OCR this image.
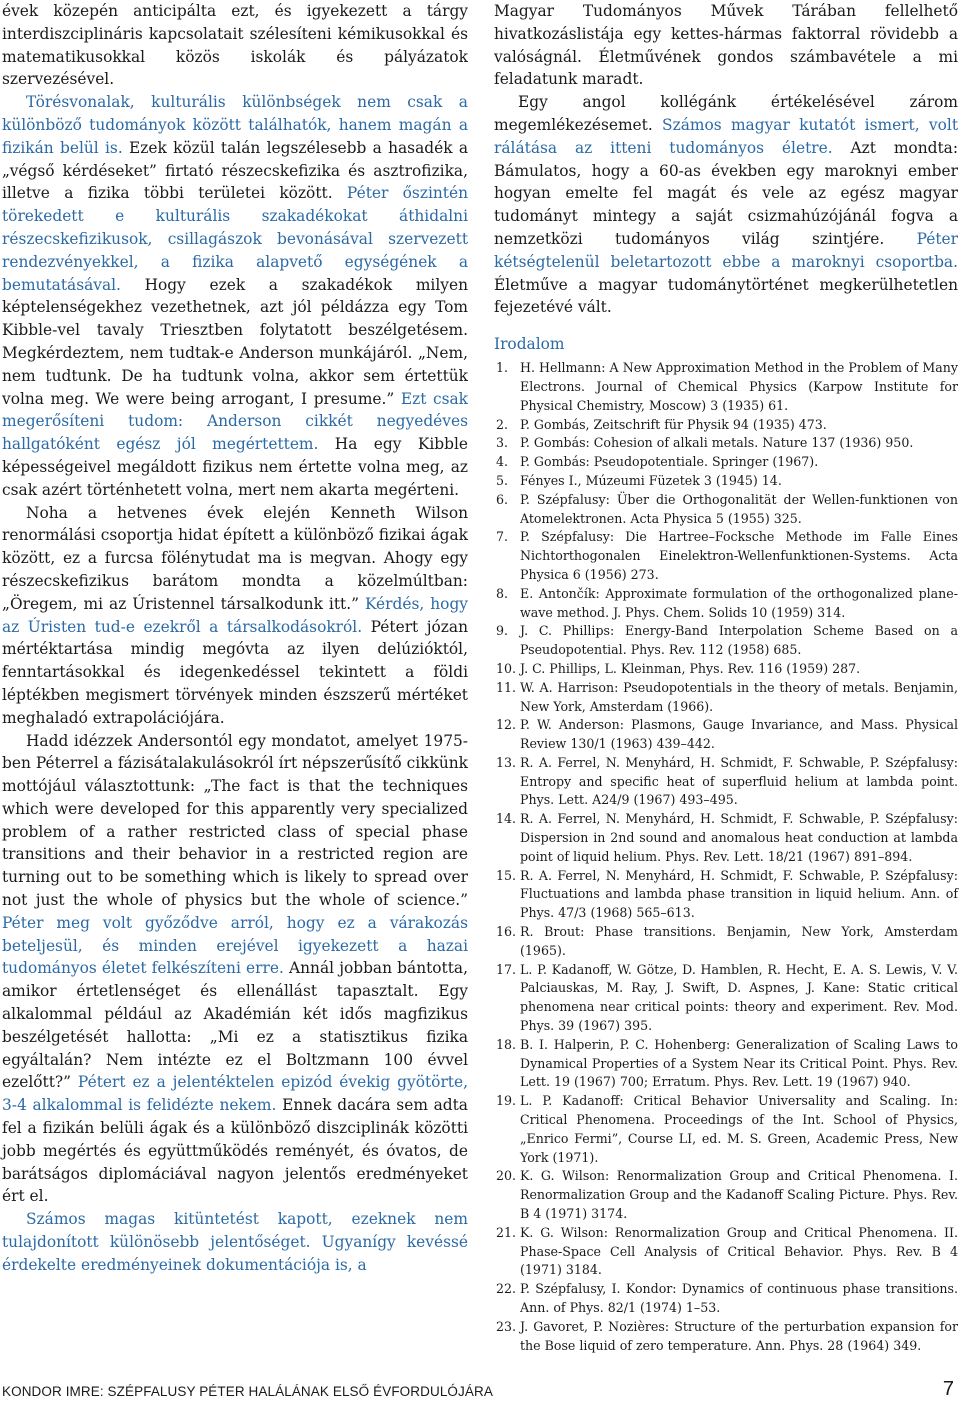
évek közepén anticipálta ezt, és igyekezett a tárgy interdiszciplináris kapcsolatait szélesíteni kémikusokkal és matematikusokkal közös iskolák és pályázatok szervezésével.

Törésvonalak, kulturális különbségek nem csak a különböző tudományok között találhatók, hanem magán a fizikán belül is. Ezek közül talán legszélesebb a hasadék a „végső kérdéseket” firtató részecskefizika és asztrofizika, illetve a fizika többi területei között. Péter őszintén törekedett e kulturális szakadékokat áthidalni részecskefizikusok, csillagászok bevonásával szervezett rendezvényekkel, a fizika alapvető egységének a bemutatásával. Hogy ezek a szakadékok milyen képtelenségekhez vezethetnek, azt jól példázza egy Tom Kibble-vel tavaly Triesztben folytatott beszélgetésem. Megkérdeztem, nem tudtak-e Anderson munkájáról. „Nem, nem tudtunk. De ha tudtunk volna, akkor sem értettük volna meg. We were being arrogant, I presume.” Ezt csak megerősíteni tudom: Anderson cikkét negyedéves hallgatóként egész jól megértettem. Ha egy Kibble képességeivel megáldott fizikus nem értette volna meg, az csak azért történhetett volna, mert nem akarta megérteni.

Noha a hetvenes évek elején Kenneth Wilson renormálási csoportja hidat épített a különböző fizikai ágak között, ez a furcsa fölénytudat ma is megvan. Ahogy egy részecskefizikus barátom mondta a közelmúltban: „Öregem, mi az Úristennel társalkodunk itt.” Kérdés, hogy az Úristen tud-e ezekről a társalkodásokról. Pétert józan mértéktartása mindig megóvta az ilyen delúzióktól, fenntartásokkal és idegenkedéssel tekintett a földi léptékben megismert törvények minden észszerű mértéket meghaladó extrapolációjára.

Hadd idézzek Andersontól egy mondatot, amelyet 1975-ben Péterrel a fázisátalakulásokról írt népszerűsítő cikkünk mottójául választottunk: „The fact is that the techniques which were developed for this apparently very specialized problem of a rather restricted class of special phase transitions and their behavior in a restricted region are turning out to be something which is likely to spread over not just the whole of physics but the whole of science.” Péter meg volt győződve arról, hogy ez a várakozás beteljesül, és minden erejével igyekezett a hazai tudományos életet felkészíteni erre. Annál jobban bántotta, amikor értetlenséget és ellenállást tapasztalt. Egy alkalommal például az Akadémián két idős magfizikus beszélgetését hallotta: „Mi ez a statisztikus fizika egyáltalán? Nem intézte ez el Boltzmann 100 évvel ezelőtt?” Pétert ez a jelentéktelen epizód évekig gyötörte, 3-4 alkalommal is felidézte nekem. Ennek dacára sem adta fel a fizikán belüli ágak és a különböző diszciplinák közötti jobb megértés és együttműködés reményét, és óvatos, de barátságos diplomáciával nagyon jelentős eredményeket ért el.

Számos magas kitüntetést kapott, ezeknek nem tulajdonított különösebb jelentőséget. Ugyanígy kevéssé érdekelte eredményeinek dokumentációja is, a

Magyar Tudományos Művek Tárában fellelhető hivatkozáslistája egy kettes-hármas faktorral rövidebb a valóságnál. Életművének gondos számbavétele a mi feladatunk maradt.

Egy angol kollégánk értékelésével zárom megemlékezésemet. Számos magyar kutatót ismert, volt rálátása az itteni tudományos életre. Azt mondta: Bámulatos, hogy a 60-as években egy maroknyi ember hogyan emelte fel magát és vele az egész magyar tudományt mintegy a saját csizmahúzójánál fogva a nemzetközi tudományos világ szintjére. Péter kétségtelenül beletartozott ebbe a maroknyi csoportba. Életműve a magyar tudománytörténet megkerülhetetlen fejezetévé vált.

Irodalom
1. H. Hellmann: A New Approximation Method in the Problem of Many Electrons. Journal of Chemical Physics (Karpow Institute for Physical Chemistry, Moscow) 3 (1935) 61.
2. P. Gombás, Zeitschrift für Physik 94 (1935) 473.
3. P. Gombás: Cohesion of alkali metals. Nature 137 (1936) 950.
4. P. Gombás: Pseudopotentiale. Springer (1967).
5. Fényes I., Múzeumi Füzetek 3 (1945) 14.
6. P. Szépfalusy: Über die Orthogonalität der Wellen-funktionen von Atomelektronen. Acta Physica 5 (1955) 325.
7. P. Szépfalusy: Die Hartree–Focksche Methode im Falle Eines Nichtorthogonalen Einelektron-Wellenfunktionen-Systems. Acta Physica 6 (1956) 273.
8. E. Antončík: Approximate formulation of the orthogonalized plane-wave method. J. Phys. Chem. Solids 10 (1959) 314.
9. J. C. Phillips: Energy-Band Interpolation Scheme Based on a Pseudopotential. Phys. Rev. 112 (1958) 685.
10. J. C. Phillips, L. Kleinman, Phys. Rev. 116 (1959) 287.
11. W. A. Harrison: Pseudopotentials in the theory of metals. Benjamin, New York, Amsterdam (1966).
12. P. W. Anderson: Plasmons, Gauge Invariance, and Mass. Physical Review 130/1 (1963) 439–442.
13. R. A. Ferrel, N. Menyhárd, H. Schmidt, F. Schwable, P. Szépfalusy: Entropy and specific heat of superfluid helium at lambda point. Phys. Lett. A24/9 (1967) 493–495.
14. R. A. Ferrel, N. Menyhárd, H. Schmidt, F. Schwable, P. Szépfalusy: Dispersion in 2nd sound and anomalous heat conduction at lambda point of liquid helium. Phys. Rev. Lett. 18/21 (1967) 891–894.
15. R. A. Ferrel, N. Menyhárd, H. Schmidt, F. Schwable, P. Szépfalusy: Fluctuations and lambda phase transition in liquid helium. Ann. of Phys. 47/3 (1968) 565–613.
16. R. Brout: Phase transitions. Benjamin, New York, Amsterdam (1965).
17. L. P. Kadanoff, W. Götze, D. Hamblen, R. Hecht, E. A. S. Lewis, V. V. Palciauskas, M. Ray, J. Swift, D. Aspnes, J. Kane: Static critical phenomena near critical points: theory and experiment. Rev. Mod. Phys. 39 (1967) 395.
18. B. I. Halperin, P. C. Hohenberg: Generalization of Scaling Laws to Dynamical Properties of a System Near its Critical Point. Phys. Rev. Lett. 19 (1967) 700; Erratum. Phys. Rev. Lett. 19 (1967) 940.
19. L. P. Kadanoff: Critical Behavior Universality and Scaling. In: Critical Phenomena. Proceedings of the Int. School of Physics, „Enrico Fermi”, Course LI, ed. M. S. Green, Academic Press, New York (1971).
20. K. G. Wilson: Renormalization Group and Critical Phenomena. I. Renormalization Group and the Kadanoff Scaling Picture. Phys. Rev. B 4 (1971) 3174.
21. K. G. Wilson: Renormalization Group and Critical Phenomena. II. Phase-Space Cell Analysis of Critical Behavior. Phys. Rev. B 4 (1971) 3184.
22. P. Szépfalusy, I. Kondor: Dynamics of continuous phase transitions. Ann. of Phys. 82/1 (1974) 1–53.
23. J. Gavoret, P. Nozières: Structure of the perturbation expansion for the Bose liquid of zero temperature. Ann. Phys. 28 (1964) 349.
KONDOR IMRE: SZÉPFALUSY PÉTER HALÁLÁNAK ELSŐ ÉVFORDULÓJÁRA	7
